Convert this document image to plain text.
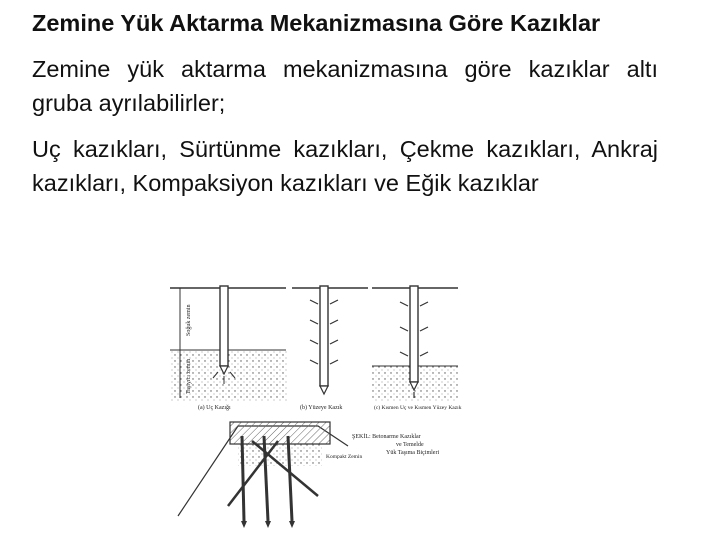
Zemine Yük Aktarma Mekanizmasına Göre Kazıklar

Zemine yük aktarma mekanizmasına göre kazıklar altı gruba ayrılabilirler;

Uç kazıkları, Sürtünme kazıkları, Çekme kazıkları, Ankraj kazıkları, Kompaksiyon kazıkları ve Eğik kazıklar

Soğuk zemin
Taşıyıcı zemin
(a) Uç Kazığı	(b) Yüzeye Kazık	(c) Kısmen Uç ve Kısmen Yüzey Kazık
Kompakt Zemin
ŞEKİL: Betonarme Kazıklar
ve Temelde
Yük Taşıma Biçimleri
